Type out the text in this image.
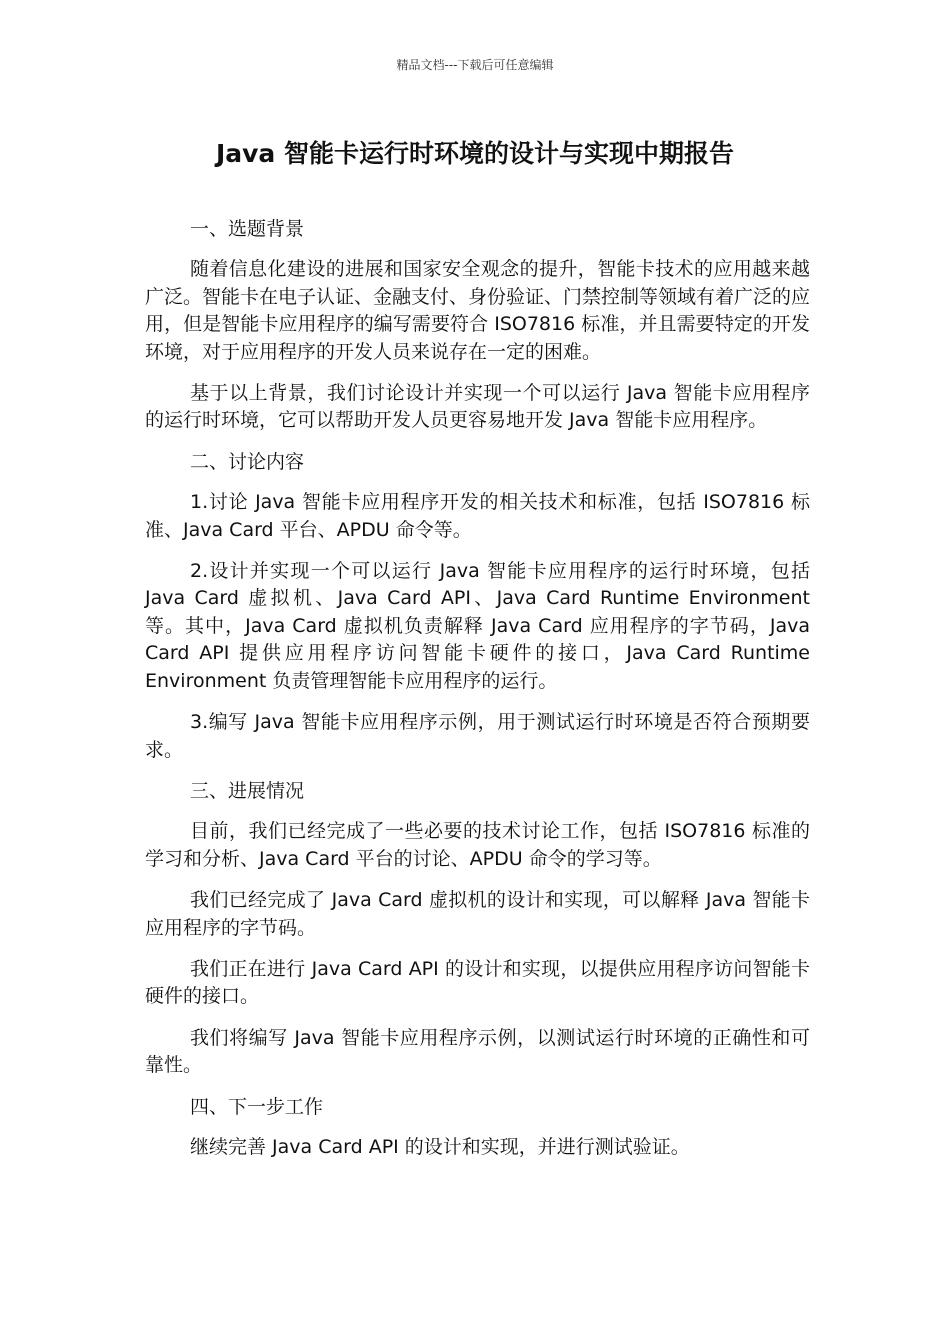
精品文档---下载后可任意编辑
Java 智能卡运行时环境的设计与实现中期报告

一、选题背景

随着信息化建设的进展和国家安全观念的提升，智能卡技术的应用越来越广泛。智能卡在电子认证、金融支付、身份验证、门禁控制等领域有着广泛的应用，但是智能卡应用程序的编写需要符合 ISO7816 标准，并且需要特定的开发环境，对于应用程序的开发人员来说存在一定的困难。

基于以上背景，我们讨论设计并实现一个可以运行 Java 智能卡应用程序的运行时环境，它可以帮助开发人员更容易地开发 Java 智能卡应用程序。

二、讨论内容

1.讨论 Java 智能卡应用程序开发的相关技术和标准，包括 ISO7816 标准、Java Card 平台、APDU 命令等。

2.设计并实现一个可以运行 Java 智能卡应用程序的运行时环境，包括 Java Card 虚拟机、Java Card API、Java Card Runtime Environment 等。其中，Java Card 虚拟机负责解释 Java Card 应用程序的字节码，Java Card API 提供应用程序访问智能卡硬件的接口，Java Card Runtime Environment 负责管理智能卡应用程序的运行。

3.编写 Java 智能卡应用程序示例，用于测试运行时环境是否符合预期要求。

三、进展情况

目前，我们已经完成了一些必要的技术讨论工作，包括 ISO7816 标准的学习和分析、Java Card 平台的讨论、APDU 命令的学习等。

我们已经完成了 Java Card 虚拟机的设计和实现，可以解释 Java 智能卡应用程序的字节码。

我们正在进行 Java Card API 的设计和实现，以提供应用程序访问智能卡硬件的接口。

我们将编写 Java 智能卡应用程序示例，以测试运行时环境的正确性和可靠性。

四、下一步工作

继续完善 Java Card API 的设计和实现，并进行测试验证。
